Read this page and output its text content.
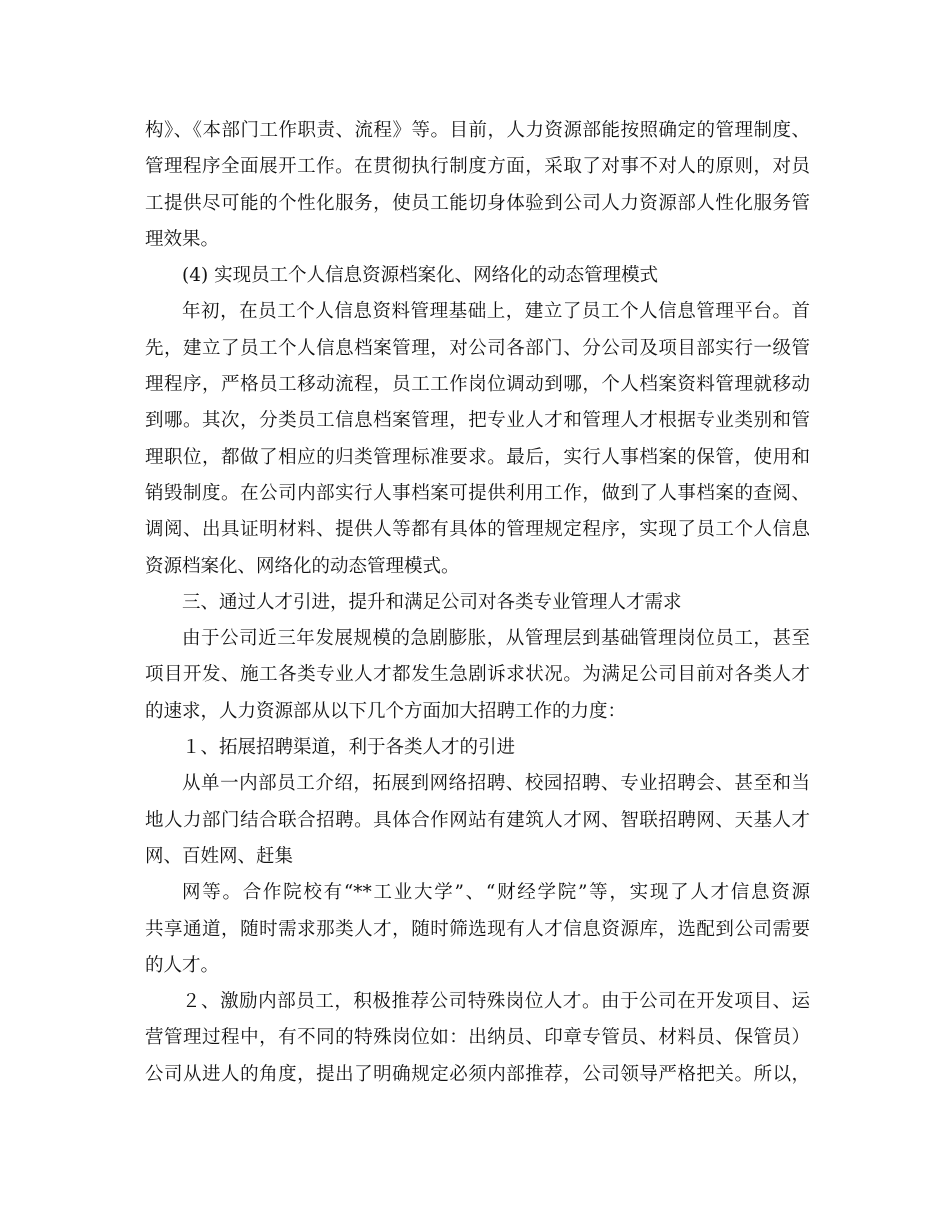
构》、《本部门工作职责、流程》等。目前，人力资源部能按照确定的管理制度、
管理程序全面展开工作。在贯彻执行制度方面，采取了对事不对人的原则，对员
工提供尽可能的个性化服务，使员工能切身体验到公司人力资源部人性化服务管
理效果。
(4) 实现员工个人信息资源档案化、网络化的动态管理模式
年初，在员工个人信息资料管理基础上，建立了员工个人信息管理平台。首
先，建立了员工个人信息档案管理，对公司各部门、分公司及项目部实行一级管
理程序，严格员工移动流程，员工工作岗位调动到哪，个人档案资料管理就移动
到哪。其次，分类员工信息档案管理，把专业人才和管理人才根据专业类别和管
理职位，都做了相应的归类管理标准要求。最后，实行人事档案的保管，使用和
销毁制度。在公司内部实行人事档案可提供利用工作，做到了人事档案的查阅、
调阅、出具证明材料、提供人等都有具体的管理规定程序，实现了员工个人信息
资源档案化、网络化的动态管理模式。
三、通过人才引进，提升和满足公司对各类专业管理人才需求
由于公司近三年发展规模的急剧膨胀，从管理层到基础管理岗位员工，甚至
项目开发、施工各类专业人才都发生急剧诉求状况。为满足公司目前对各类人才
的速求，人力资源部从以下几个方面加大招聘工作的力度：
１、拓展招聘渠道，利于各类人才的引进
从单一内部员工介绍，拓展到网络招聘、校园招聘、专业招聘会、甚至和当
地人力部门结合联合招聘。具体合作网站有建筑人才网、智联招聘网、天基人才
网、百姓网、赶集
网等。合作院校有“**工业大学”、“财经学院”等，实现了人才信息资源
共享通道，随时需求那类人才，随时筛选现有人才信息资源库，选配到公司需要
的人才。
２、激励内部员工，积极推荐公司特殊岗位人才。由于公司在开发项目、运
营管理过程中，有不同的特殊岗位如：出纳员、印章专管员、材料员、保管员）
公司从进人的角度，提出了明确规定必须内部推荐，公司领导严格把关。所以，
